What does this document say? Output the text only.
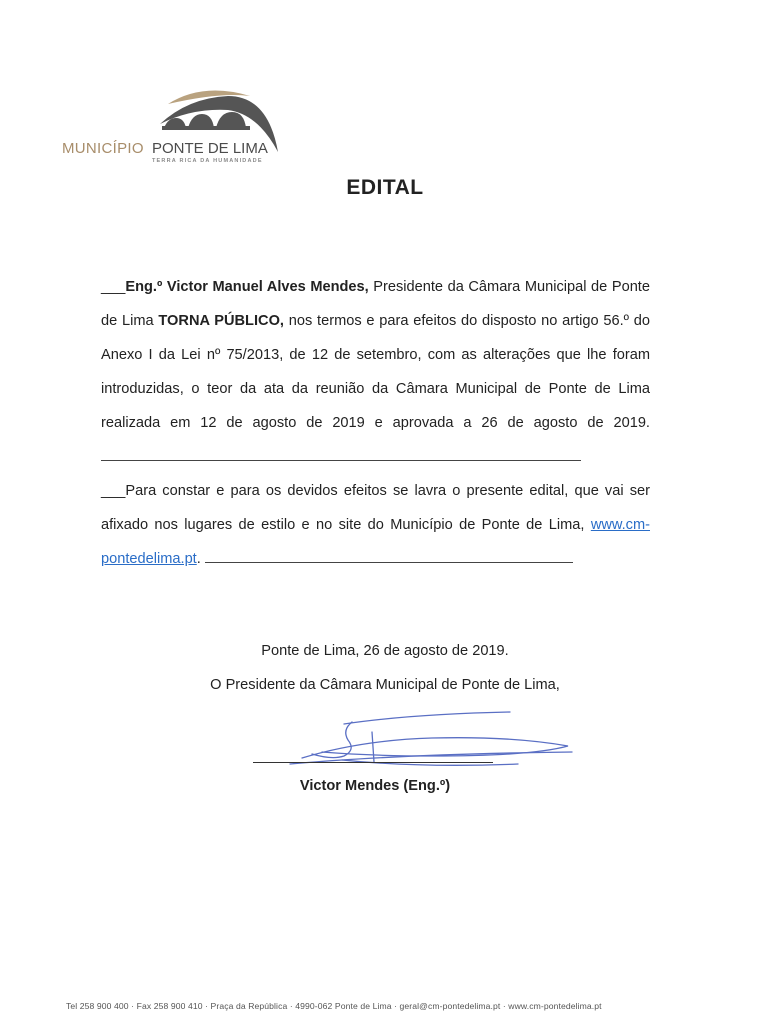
MUNICÍPIO PONTE DE LIMA
TERRA RICA DA HUMANIDADE
EDITAL

___Eng.º Victor Manuel Alves Mendes, Presidente da Câmara Municipal de Ponte de Lima TORNA PÚBLICO, nos termos e para efeitos do disposto no artigo 56.º do Anexo I da Lei nº 75/2013, de 12 de setembro, com as alterações que lhe foram introduzidas, o teor da ata da reunião da Câmara Municipal de Ponte de Lima realizada em 12 de agosto de 2019 e aprovada a 26 de agosto de 2019.

___Para constar e para os devidos efeitos se lavra o presente edital, que vai ser afixado nos lugares de estilo e no site do Município de Ponte de Lima, www.cm-pontedelima.pt.

Ponte de Lima, 26 de agosto de 2019.
O Presidente da Câmara Municipal de Ponte de Lima,
Victor Mendes (Eng.º)
Tel 258 900 400 · Fax 258 900 410 · Praça da República · 4990-062 Ponte de Lima · geral@cm-pontedelima.pt · www.cm-pontedelima.pt
